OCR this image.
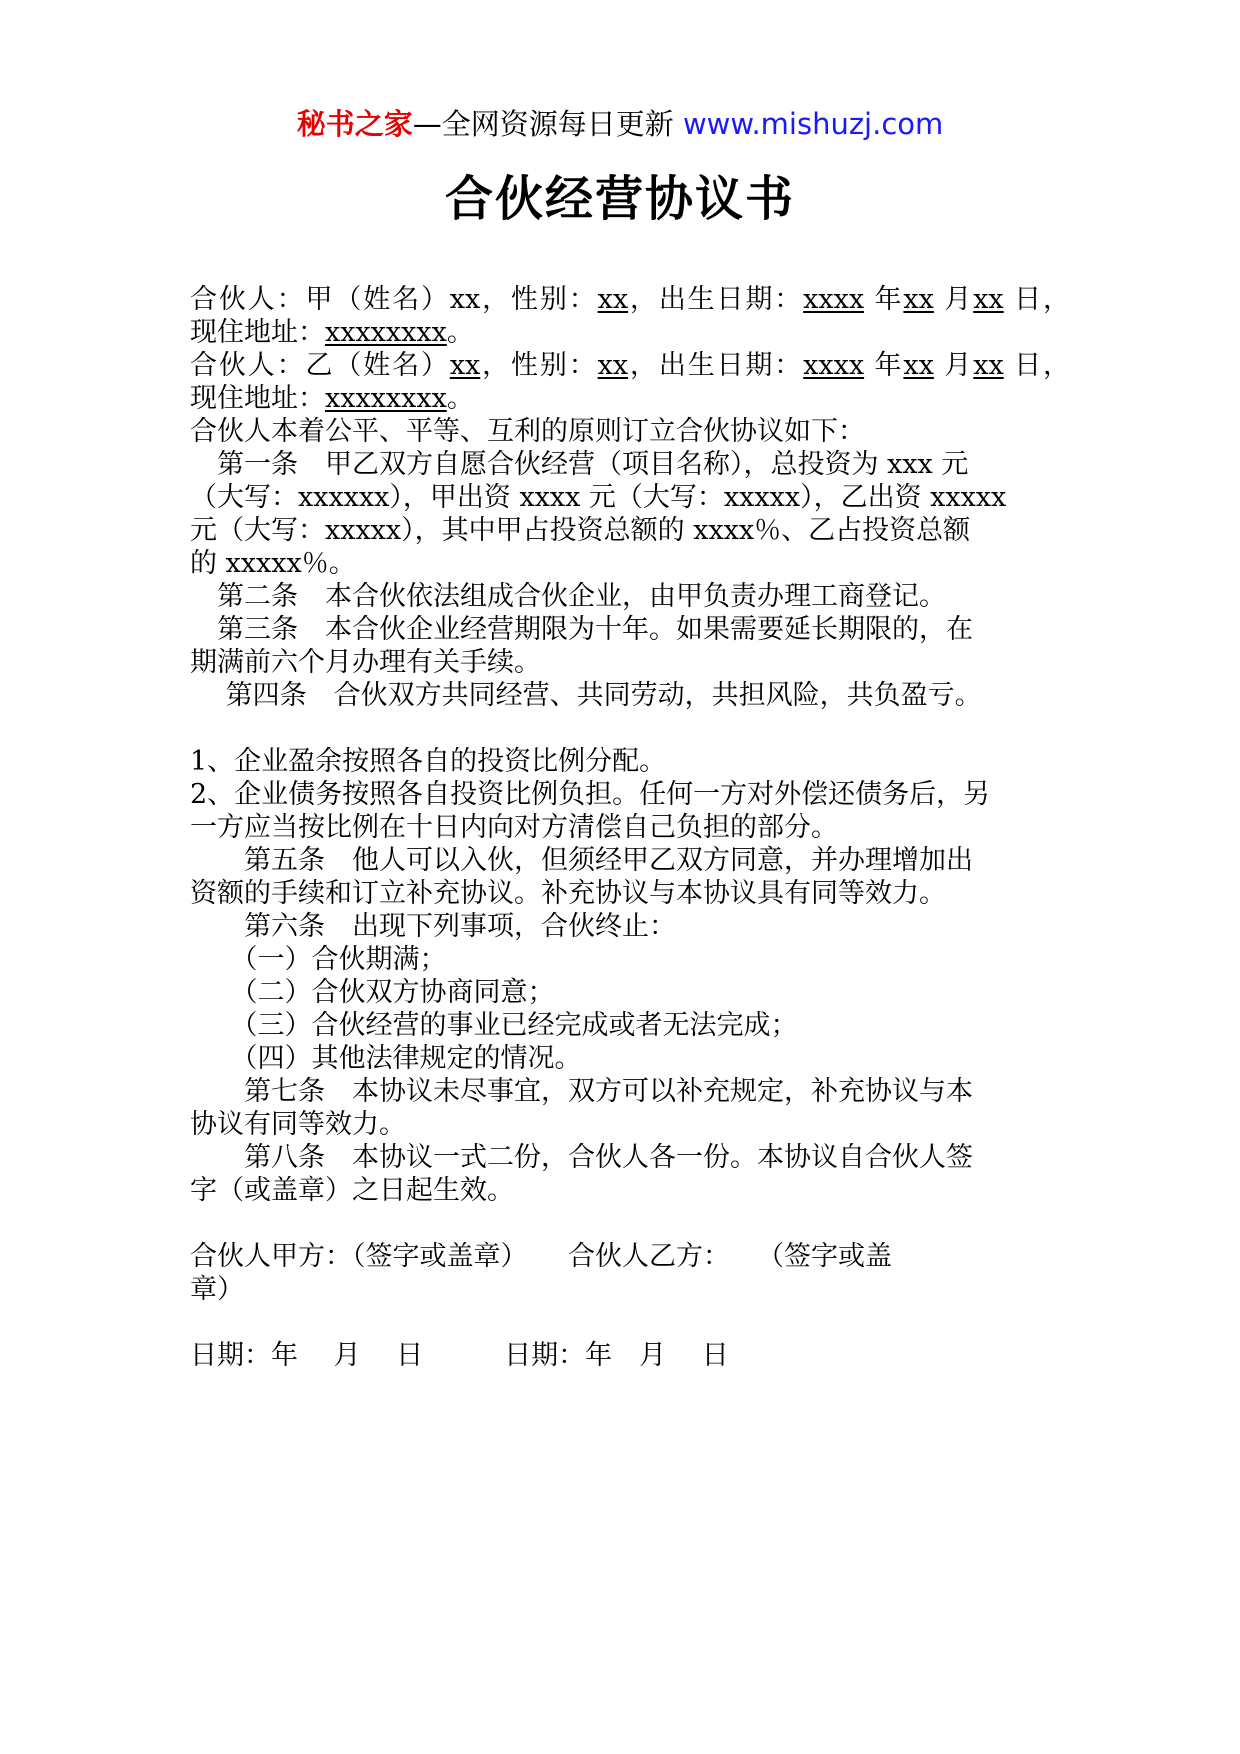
秘书之家—全网资源每日更新 www.mishuzj.com
合伙经营协议书
合伙人：甲（姓名）xx，性别：xx，出生日期：xxxx 年xx 月xx 日，
现住地址：xxxxxxxx。
合伙人：乙（姓名）xx，性别：xx，出生日期：xxxx 年xx 月xx 日，
现住地址：xxxxxxxx。
合伙人本着公平、平等、互利的原则订立合伙协议如下：
　第一条　甲乙双方自愿合伙经营（项目名称），总投资为 xxx 元
（大写：xxxxxx），甲出资 xxxx 元（大写：xxxxx），乙出资 xxxxx
元（大写：xxxxx），其中甲占投资总额的 xxxx％、乙占投资总额
的 xxxxx％。
　第二条　本合伙依法组成合伙企业，由甲负责办理工商登记。
　第三条　本合伙企业经营期限为十年。如果需要延长期限的，在
期满前六个月办理有关手续。
　 第四条　合伙双方共同经营、共同劳动，共担风险，共负盈亏。
1、企业盈余按照各自的投资比例分配。
2、企业债务按照各自投资比例负担。任何一方对外偿还债务后，另
一方应当按比例在十日内向对方清偿自己负担的部分。
　　第五条　他人可以入伙，但须经甲乙双方同意，并办理增加出
资额的手续和订立补充协议。补充协议与本协议具有同等效力。
　　第六条　出现下列事项，合伙终止：
　　（一）合伙期满；
　　（二）合伙双方协商同意；
　　（三）合伙经营的事业已经完成或者无法完成；
　　（四）其他法律规定的情况。
　　第七条　本协议未尽事宜，双方可以补充规定，补充协议与本
协议有同等效力。
　　第八条　本协议一式二份，合伙人各一份。本协议自合伙人签
字（或盖章）之日起生效。
合伙人甲方：（签字或盖章）　　合伙人乙方：　　（签字或盖
章）
日期：年　 月　 日　　　日期：年　月　 日
